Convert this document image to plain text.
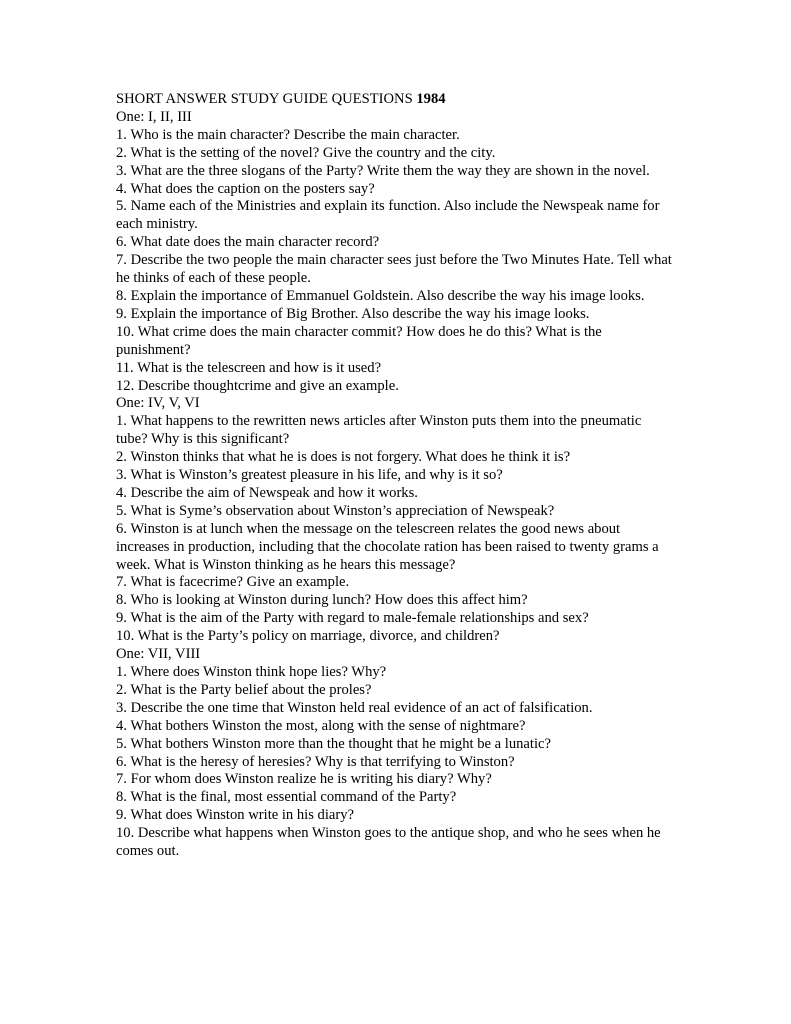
SHORT ANSWER STUDY GUIDE QUESTIONS 1984

One: I, II, III

1. Who is the main character? Describe the main character.

2. What is the setting of the novel? Give the country and the city.

3. What are the three slogans of the Party? Write them the way they are shown in the novel.

4. What does the caption on the posters say?

5. Name each of the Ministries and explain its function. Also include the Newspeak name for each ministry.

6. What date does the main character record?

7. Describe the two people the main character sees just before the Two Minutes Hate. Tell what he thinks of each of these people.

8. Explain the importance of Emmanuel Goldstein. Also describe the way his image looks.

9. Explain the importance of Big Brother. Also describe the way his image looks.

10. What crime does the main character commit? How does he do this? What is the punishment?

11. What is the telescreen and how is it used?

12. Describe thoughtcrime and give an example.

One: IV, V, VI

1. What happens to the rewritten news articles after Winston puts them into the pneumatic tube? Why is this significant?

2. Winston thinks that what he is does is not forgery. What does he think it is?

3. What is Winston’s greatest pleasure in his life, and why is it so?

4. Describe the aim of Newspeak and how it works.

5. What is Syme’s observation about Winston’s appreciation of Newspeak?

6. Winston is at lunch when the message on the telescreen relates the good news about increases in production, including that the chocolate ration has been raised to twenty grams a week. What is Winston thinking as he hears this message?

7. What is facecrime? Give an example.

8. Who is looking at Winston during lunch? How does this affect him?

9. What is the aim of the Party with regard to male-female relationships and sex?

10. What is the Party’s policy on marriage, divorce, and children?

One: VII, VIII

1. Where does Winston think hope lies? Why?

2. What is the Party belief about the proles?

3. Describe the one time that Winston held real evidence of an act of falsification.

4. What bothers Winston the most, along with the sense of nightmare?

5. What bothers Winston more than the thought that he might be a lunatic?

6. What is the heresy of heresies? Why is that terrifying to Winston?

7. For whom does Winston realize he is writing his diary? Why?

8. What is the final, most essential command of the Party?

9. What does Winston write in his diary?

10. Describe what happens when Winston goes to the antique shop, and who he sees when he comes out.
